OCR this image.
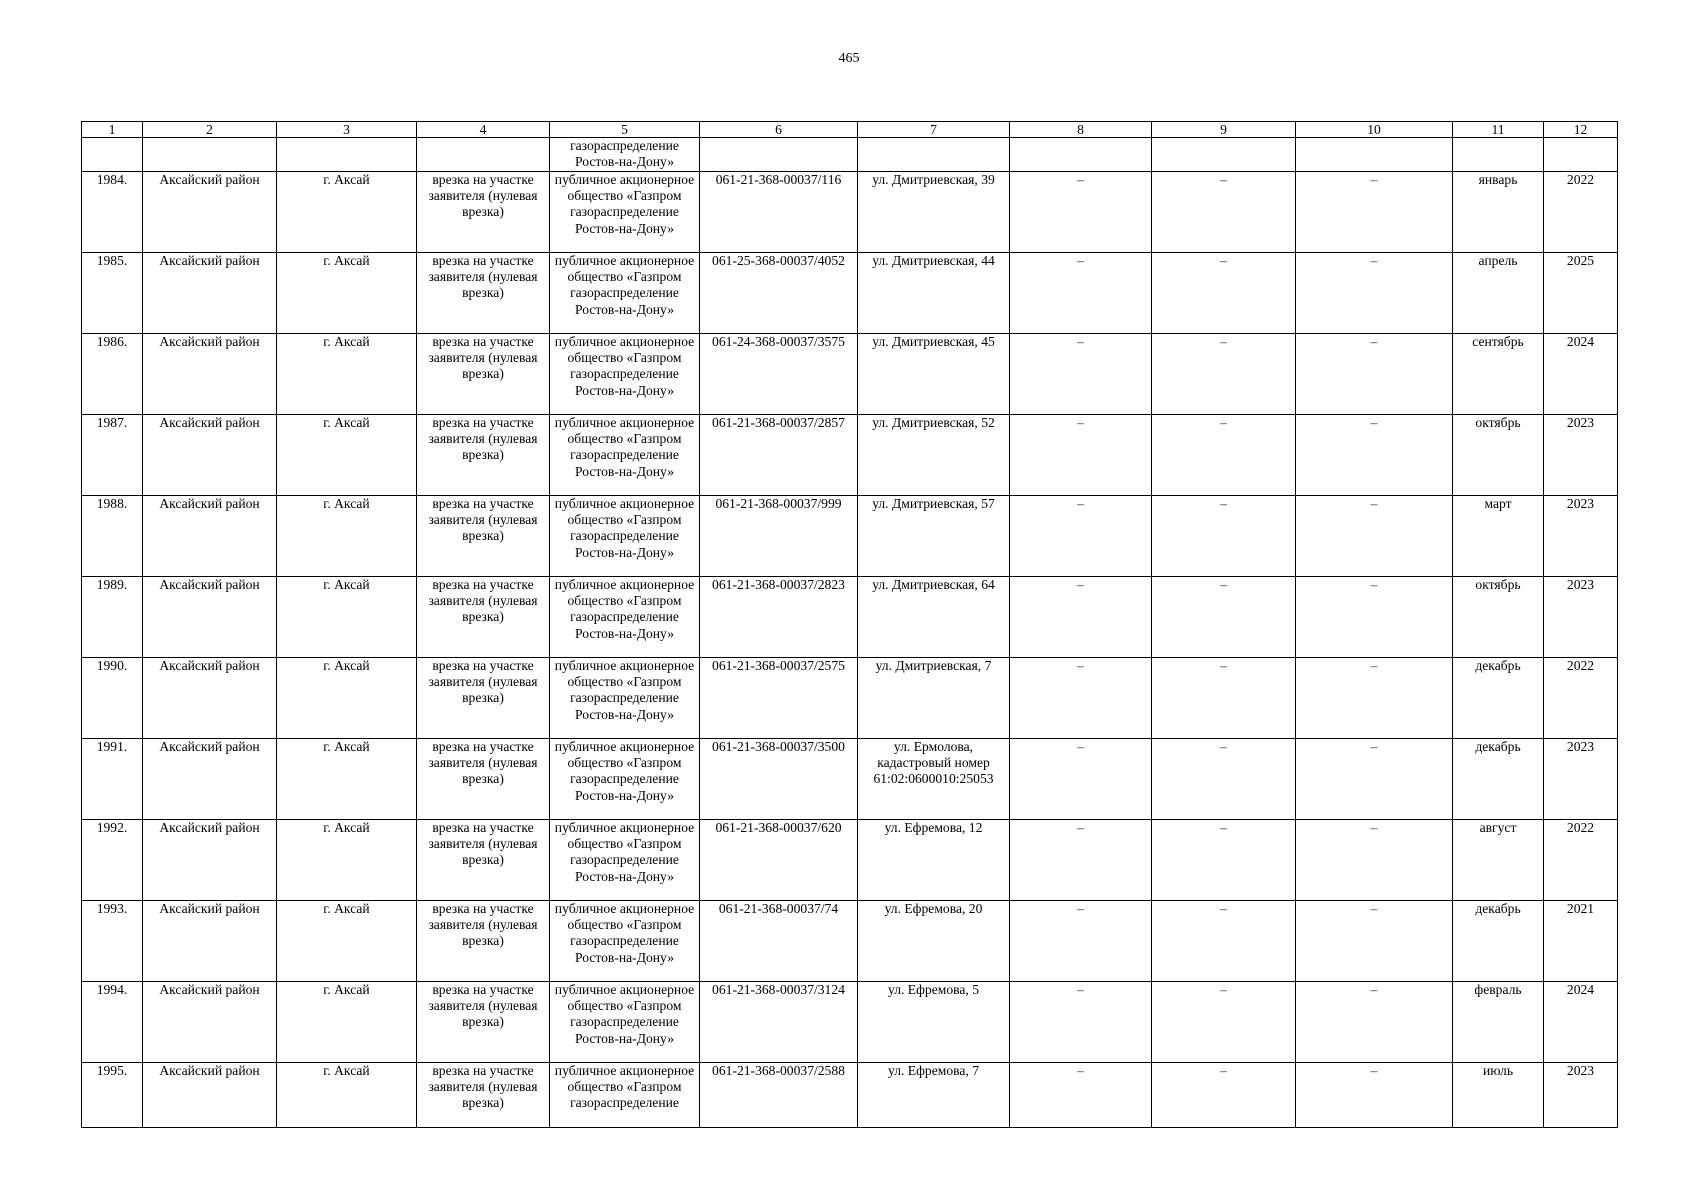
465
1	2	3	4	5	6	7	8	9	10	11	12
				газораспределение Ростов-на-Дону»							
1984.	Аксайский район	г. Аксай	врезка на участке заявителя (нулевая врезка)	публичное акционерное общество «Газпром газораспределение Ростов-на-Дону»	061-21-368-00037/116	ул. Дмитриевская, 39	–	–	–	январь	2022
1985.	Аксайский район	г. Аксай	врезка на участке заявителя (нулевая врезка)	публичное акционерное общество «Газпром газораспределение Ростов-на-Дону»	061-25-368-00037/4052	ул. Дмитриевская, 44	–	–	–	апрель	2025
1986.	Аксайский район	г. Аксай	врезка на участке заявителя (нулевая врезка)	публичное акционерное общество «Газпром газораспределение Ростов-на-Дону»	061-24-368-00037/3575	ул. Дмитриевская, 45	–	–	–	сентябрь	2024
1987.	Аксайский район	г. Аксай	врезка на участке заявителя (нулевая врезка)	публичное акционерное общество «Газпром газораспределение Ростов-на-Дону»	061-21-368-00037/2857	ул. Дмитриевская, 52	–	–	–	октябрь	2023
1988.	Аксайский район	г. Аксай	врезка на участке заявителя (нулевая врезка)	публичное акционерное общество «Газпром газораспределение Ростов-на-Дону»	061-21-368-00037/999	ул. Дмитриевская, 57	–	–	–	март	2023
1989.	Аксайский район	г. Аксай	врезка на участке заявителя (нулевая врезка)	публичное акционерное общество «Газпром газораспределение Ростов-на-Дону»	061-21-368-00037/2823	ул. Дмитриевская, 64	–	–	–	октябрь	2023
1990.	Аксайский район	г. Аксай	врезка на участке заявителя (нулевая врезка)	публичное акционерное общество «Газпром газораспределение Ростов-на-Дону»	061-21-368-00037/2575	ул. Дмитриевская, 7	–	–	–	декабрь	2022
1991.	Аксайский район	г. Аксай	врезка на участке заявителя (нулевая врезка)	публичное акционерное общество «Газпром газораспределение Ростов-на-Дону»	061-21-368-00037/3500	ул. Ермолова, кадастровый номер 61:02:0600010:25053	–	–	–	декабрь	2023
1992.	Аксайский район	г. Аксай	врезка на участке заявителя (нулевая врезка)	публичное акционерное общество «Газпром газораспределение Ростов-на-Дону»	061-21-368-00037/620	ул. Ефремова, 12	–	–	–	август	2022
1993.	Аксайский район	г. Аксай	врезка на участке заявителя (нулевая врезка)	публичное акционерное общество «Газпром газораспределение Ростов-на-Дону»	061-21-368-00037/74	ул. Ефремова, 20	–	–	–	декабрь	2021
1994.	Аксайский район	г. Аксай	врезка на участке заявителя (нулевая врезка)	публичное акционерное общество «Газпром газораспределение Ростов-на-Дону»	061-21-368-00037/3124	ул. Ефремова, 5	–	–	–	февраль	2024
1995.	Аксайский район	г. Аксай	врезка на участке заявителя (нулевая врезка)	публичное акционерное общество «Газпром газораспределение	061-21-368-00037/2588	ул. Ефремова, 7	–	–	–	июль	2023
